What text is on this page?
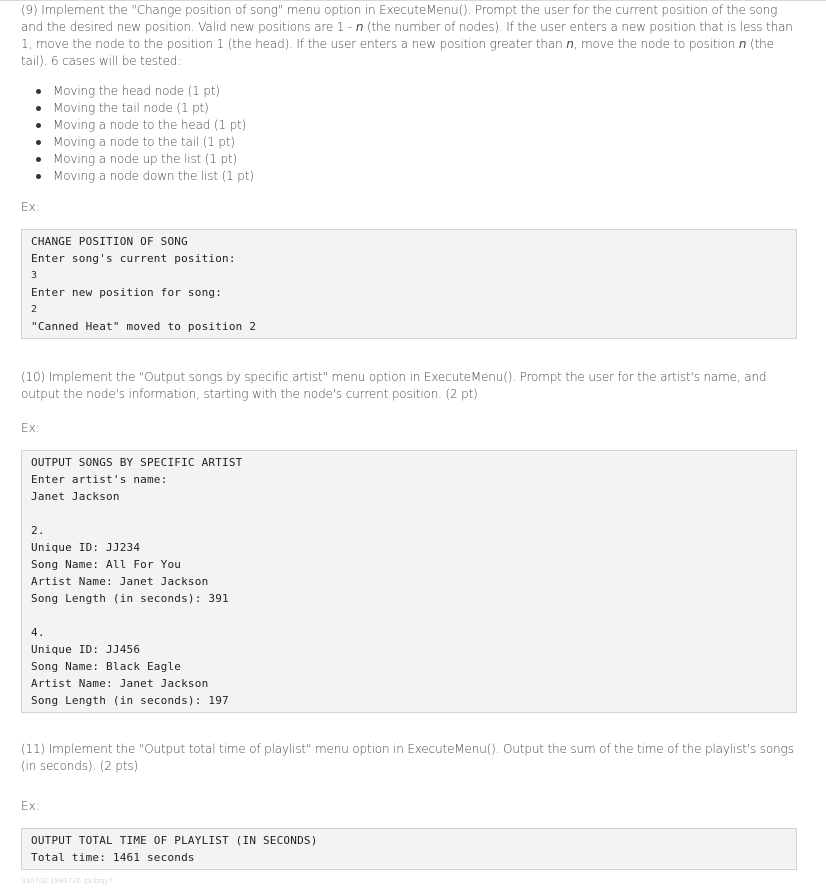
(9) Implement the "Change position of song" menu option in ExecuteMenu(). Prompt the user for the current position of the song and the desired new position. Valid new positions are 1 - n (the number of nodes). If the user enters a new position that is less than 1, move the node to the position 1 (the head). If the user enters a new position greater than n, move the node to position n (the tail). 6 cases will be tested:

Moving the head node (1 pt)
Moving the tail node (1 pt)
Moving a node to the head (1 pt)
Moving a node to the tail (1 pt)
Moving a node up the list (1 pt)
Moving a node down the list (1 pt)

Ex:

CHANGE POSITION OF SONG
Enter song's current position:
3
Enter new position for song:
2
"Canned Heat" moved to position 2

(10) Implement the "Output songs by specific artist" menu option in ExecuteMenu(). Prompt the user for the artist's name, and output the node's information, starting with the node's current position. (2 pt)

Ex:

OUTPUT SONGS BY SPECIFIC ARTIST
Enter artist's name:
Janet Jackson
2.
Unique ID: JJ234
Song Name: All For You
Artist Name: Janet Jackson
Song Length (in seconds): 391
4.
Unique ID: JJ456
Song Name: Black Eagle
Artist Name: Janet Jackson
Song Length (in seconds): 197

(11) Implement the "Output total time of playlist" menu option in ExecuteMenu(). Output the sum of the time of the playlist's songs (in seconds). (2 pts)

Ex:

OUTPUT TOTAL TIME OF PLAYLIST (IN SECONDS)
Total time: 1461 seconds
330700.1984726.qx3zqy7
